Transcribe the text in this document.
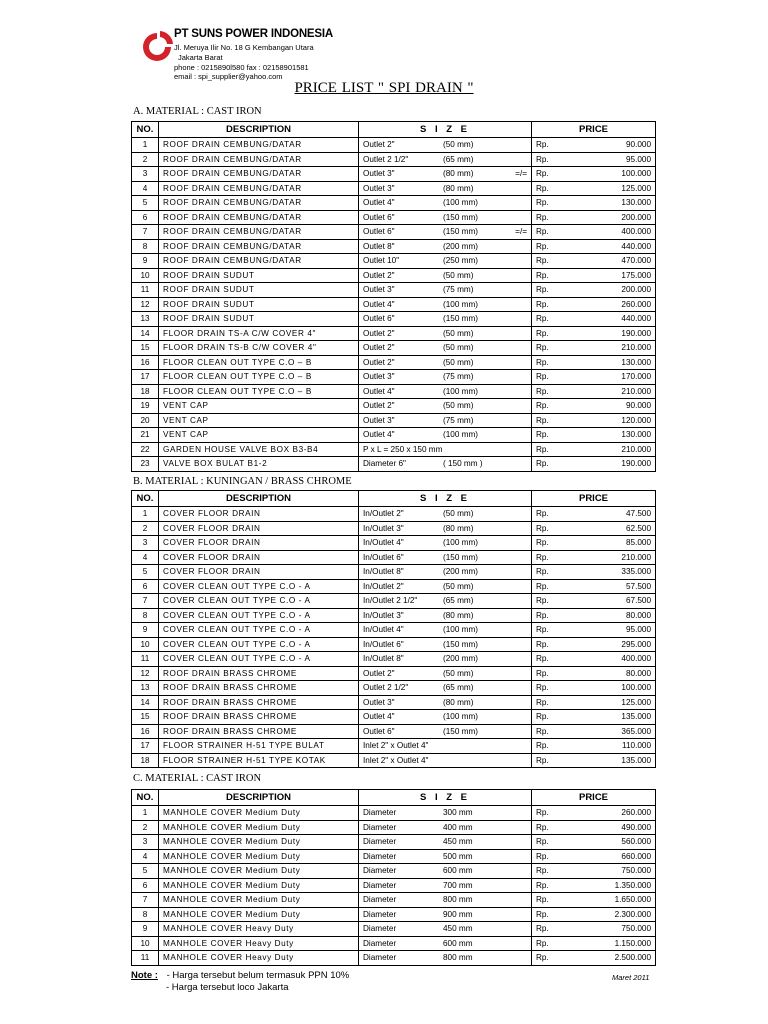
PT SUNS POWER INDONESIA
Jl. Meruya Ilir No. 18 G Kembangan Utara
Jakarta Barat
phone : 0215890l580 fax : 02158901581
email : spi_supplier@yahoo.com
PRICE LIST " SPI DRAIN "
A. MATERIAL : CAST IRON
NO.	DESCRIPTION	S I Z E	PRICE	
1	ROOF DRAIN CEMBUNG/DATAR	Outlet 2" (50 mm)	Rp.	90.000
2	ROOF DRAIN CEMBUNG/DATAR	Outlet 2 1/2" (65 mm)	Rp.	95.000
3	ROOF DRAIN CEMBUNG/DATAR	Outlet 3" (80 mm) =/=	Rp.	100.000
4	ROOF DRAIN CEMBUNG/DATAR	Outlet 3" (80 mm)	Rp.	125.000
5	ROOF DRAIN CEMBUNG/DATAR	Outlet 4" (100 mm)	Rp.	130.000
6	ROOF DRAIN CEMBUNG/DATAR	Outlet 6" (150 mm)	Rp.	200.000
7	ROOF DRAIN CEMBUNG/DATAR	Outlet 6" (150 mm) =/=	Rp.	400.000
8	ROOF DRAIN CEMBUNG/DATAR	Outlet 8" (200 mm)	Rp.	440.000
9	ROOF DRAIN CEMBUNG/DATAR	Outlet 10" (250 mm)	Rp.	470.000
10	ROOF DRAIN SUDUT	Outlet 2" (50 mm)	Rp.	175.000
11	ROOF DRAIN SUDUT	Outlet 3" (75 mm)	Rp.	200.000
12	ROOF DRAIN SUDUT	Outlet 4" (100 mm)	Rp.	260.000
13	ROOF DRAIN SUDUT	Outlet 6" (150 mm)	Rp.	440.000
14	FLOOR DRAIN TS-A C/W COVER 4"	Outlet 2" (50 mm)	Rp.	190.000
15	FLOOR DRAIN TS-B C/W COVER 4"	Outlet 2" (50 mm)	Rp.	210.000
16	FLOOR CLEAN OUT TYPE C.O – B	Outlet 2" (50 mm)	Rp.	130.000
17	FLOOR CLEAN OUT TYPE C.O – B	Outlet 3" (75 mm)	Rp.	170.000
18	FLOOR CLEAN OUT TYPE C.O – B	Outlet 4" (100 mm)	Rp.	210.000
19	VENT CAP	Outlet 2" (50 mm)	Rp.	90.000
20	VENT CAP	Outlet 3" (75 mm)	Rp.	120.000
21	VENT CAP	Outlet 4" (100 mm)	Rp.	130.000
22	GARDEN HOUSE VALVE BOX B3-B4	P x L = 250 x 150 mm	Rp.	210.000
23	VALVE BOX BULAT B1-2	Diameter 6" ( 150 mm )	Rp.	190.000
B. MATERIAL : KUNINGAN / BRASS CHROME
NO.	DESCRIPTION	S I Z E	PRICE	
1	COVER FLOOR DRAIN	In/Outlet 2" (50 mm)	Rp.	47.500
2	COVER FLOOR DRAIN	In/Outlet 3" (80 mm)	Rp.	62.500
3	COVER FLOOR DRAIN	In/Outlet 4" (100 mm)	Rp.	85.000
4	COVER FLOOR DRAIN	In/Outlet 6" (150 mm)	Rp.	210.000
5	COVER FLOOR DRAIN	In/Outlet 8" (200 mm)	Rp.	335.000
6	COVER CLEAN OUT TYPE C.O - A	In/Outlet 2" (50 mm)	Rp.	57.500
7	COVER CLEAN OUT TYPE C.O - A	In/Outlet 2 1/2" (65 mm)	Rp.	67.500
8	COVER CLEAN OUT TYPE C.O - A	In/Outlet 3" (80 mm)	Rp.	80.000
9	COVER CLEAN OUT TYPE C.O - A	In/Outlet 4" (100 mm)	Rp.	95.000
10	COVER CLEAN OUT TYPE C.O - A	In/Outlet 6" (150 mm)	Rp.	295.000
11	COVER CLEAN OUT TYPE C.O - A	In/Outlet 8" (200 mm)	Rp.	400.000
12	ROOF DRAIN BRASS CHROME	Outlet 2" (50 mm)	Rp.	80.000
13	ROOF DRAIN BRASS CHROME	Outlet 2 1/2" (65 mm)	Rp.	100.000
14	ROOF DRAIN BRASS CHROME	Outlet 3" (80 mm)	Rp.	125.000
15	ROOF DRAIN BRASS CHROME	Outlet 4" (100 mm)	Rp.	135.000
16	ROOF DRAIN BRASS CHROME	Outlet 6" (150 mm)	Rp.	365.000
17	FLOOR STRAINER H-51 TYPE BULAT	Inlet 2" x Outlet 4"	Rp.	110.000
18	FLOOR STRAINER H-51 TYPE KOTAK	Inlet 2" x Outlet 4"	Rp.	135.000
C. MATERIAL : CAST IRON
NO.	DESCRIPTION	S I Z E	PRICE	
1	MANHOLE COVER Medium Duty	Diameter 300 mm	Rp.	260.000
2	MANHOLE COVER Medium Duty	Diameter 400 mm	Rp.	490.000
3	MANHOLE COVER Medium Duty	Diameter 450 mm	Rp.	560.000
4	MANHOLE COVER Medium Duty	Diameter 500 mm	Rp.	660.000
5	MANHOLE COVER Medium Duty	Diameter 600 mm	Rp.	750.000
6	MANHOLE COVER Medium Duty	Diameter 700 mm	Rp.	1.350.000
7	MANHOLE COVER Medium Duty	Diameter 800 mm	Rp.	1.650.000
8	MANHOLE COVER Medium Duty	Diameter 900 mm	Rp.	2.300.000
9	MANHOLE COVER Heavy Duty	Diameter 450 mm	Rp.	750.000
10	MANHOLE COVER Heavy Duty	Diameter 600 mm	Rp.	1.150.000
11	MANHOLE COVER Heavy Duty	Diameter 800 mm	Rp.	2.500.000
Note : - Harga tersebut belum termasuk PPN 10%
- Harga tersebut loco Jakarta
Maret 2011
